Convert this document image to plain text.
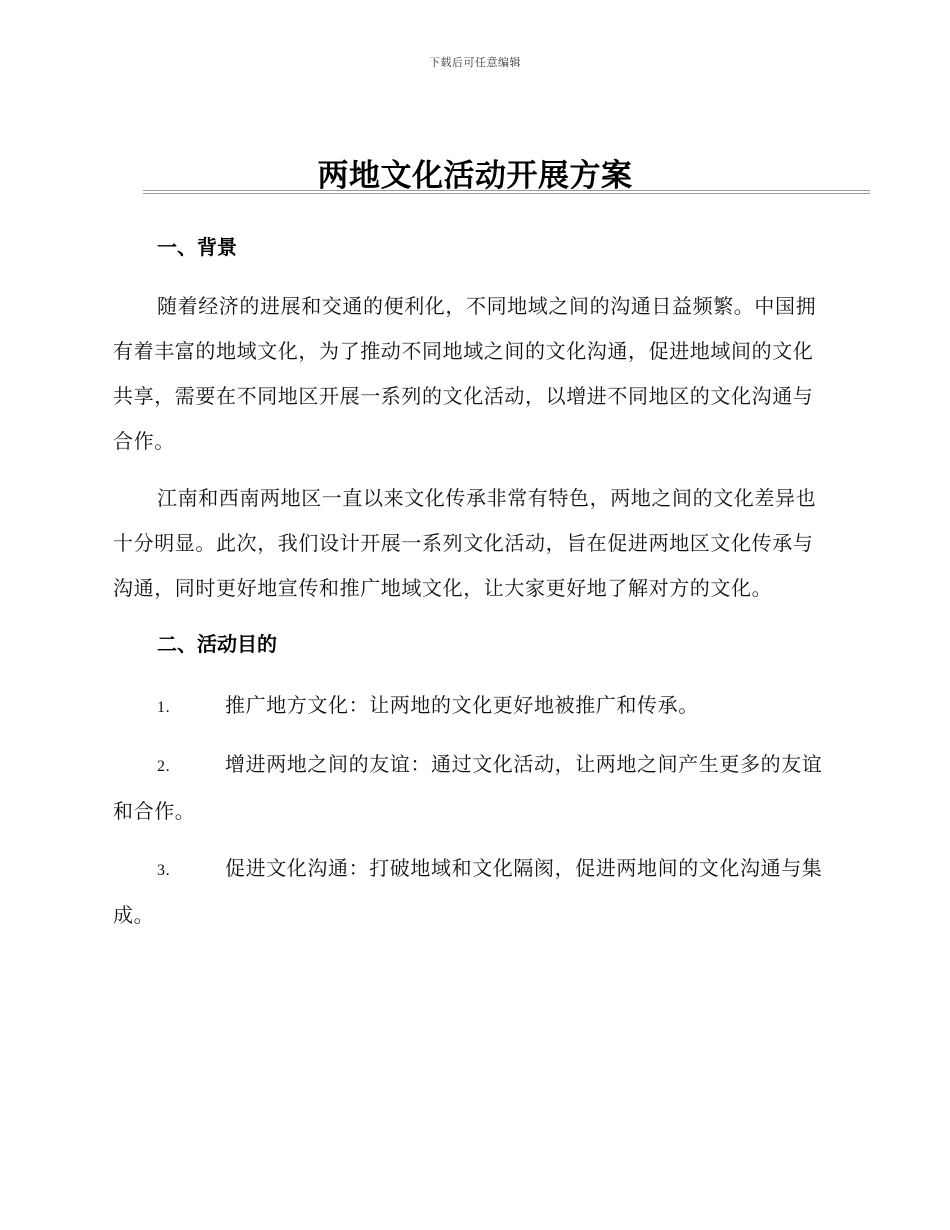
下载后可任意编辑
两地文化活动开展方案
一、背景

随着经济的进展和交通的便利化，不同地域之间的沟通日益频繁。中国拥有着丰富的地域文化，为了推动不同地域之间的文化沟通，促进地域间的文化共享，需要在不同地区开展一系列的文化活动，以增进不同地区的文化沟通与合作。

江南和西南两地区一直以来文化传承非常有特色，两地之间的文化差异也十分明显。此次，我们设计开展一系列文化活动，旨在促进两地区文化传承与沟通，同时更好地宣传和推广地域文化，让大家更好地了解对方的文化。

二、活动目的
1.	推广地方文化：让两地的文化更好地被推广和传承。
2.	增进两地之间的友谊：通过文化活动，让两地之间产生更多的友谊和合作。
3.	促进文化沟通：打破地域和文化隔阂，促进两地间的文化沟通与集成。
